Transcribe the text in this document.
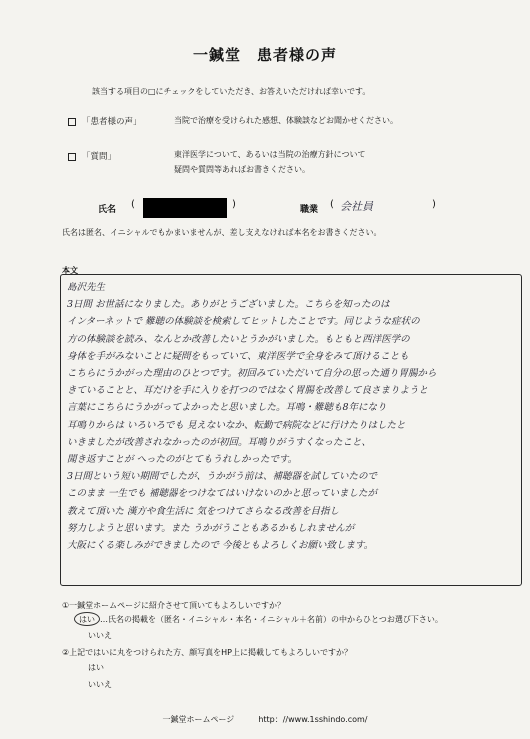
一鍼堂　患者様の声
該当する項目の□にチェックをしていただき、お答えいただければ幸いです。
「患者様の声」	当院で治療を受けられた感想、体験談などお聞かせください。
「質問」	東洋医学について、あるいは当院の治療方針について
疑問や質問等あればお書きください。
氏名 (	)	職業 ( 会社員	)
氏名は匿名、イニシャルでもかまいませんが、差し支えなければ本名をお書きください。
本文
島沢先生
3日間 お世話になりました。ありがとうございました。こちらを知ったのは
インターネットで 難聴の体験談を検索してヒットしたことです。同じような症状の
方の体験談を読み、なんとか改善したいとうかがいました。もともと西洋医学の
身体を手がみないことに疑問をもっていて、東洋医学で全身をみて頂けることも
こちらにうかがった理由のひとつです。初回みていただいて自分の思った通り胃腸から
きていることと、耳だけを手に入りを打つのではなく胃腸を改善して良さまりようと
言葉にこちらにうかがってよかったと思いました。耳鳴・難聴も8年になり
耳鳴りからは いろいろでも 見えないなか、転勤で病院などに行けたりはしたと
いきましたが改善されなかったのが初回。耳鳴りがうすくなったこと、
聞き返すことが へったのがとてもうれしかったです。
3日間という短い期間でしたが、うかがう前は、補聴器を試していたので
このまま 一生でも 補聴器をつけなてはいけないのかと思っていましたが
教えて頂いた 漢方や食生活に 気をつけてさらなる改善を目指し
努力しようと思います。また うかがうこともあるかもしれませんが
大阪にくる楽しみができましたので 今後ともよろしくお願い致します。
①一鍼堂ホームページに紹介させて頂いてもよろしいですか？
はい …氏名の掲載を（匿名・イニシャル・本名・イニシャル＋名前）の中からひとつお選び下さい。
いいえ
②上記ではいに丸をつけられた方、顔写真をHP上に掲載してもよろしいですか？
はい
いいえ
一鍼堂ホームページ	http：//www.1sshindo.com/
